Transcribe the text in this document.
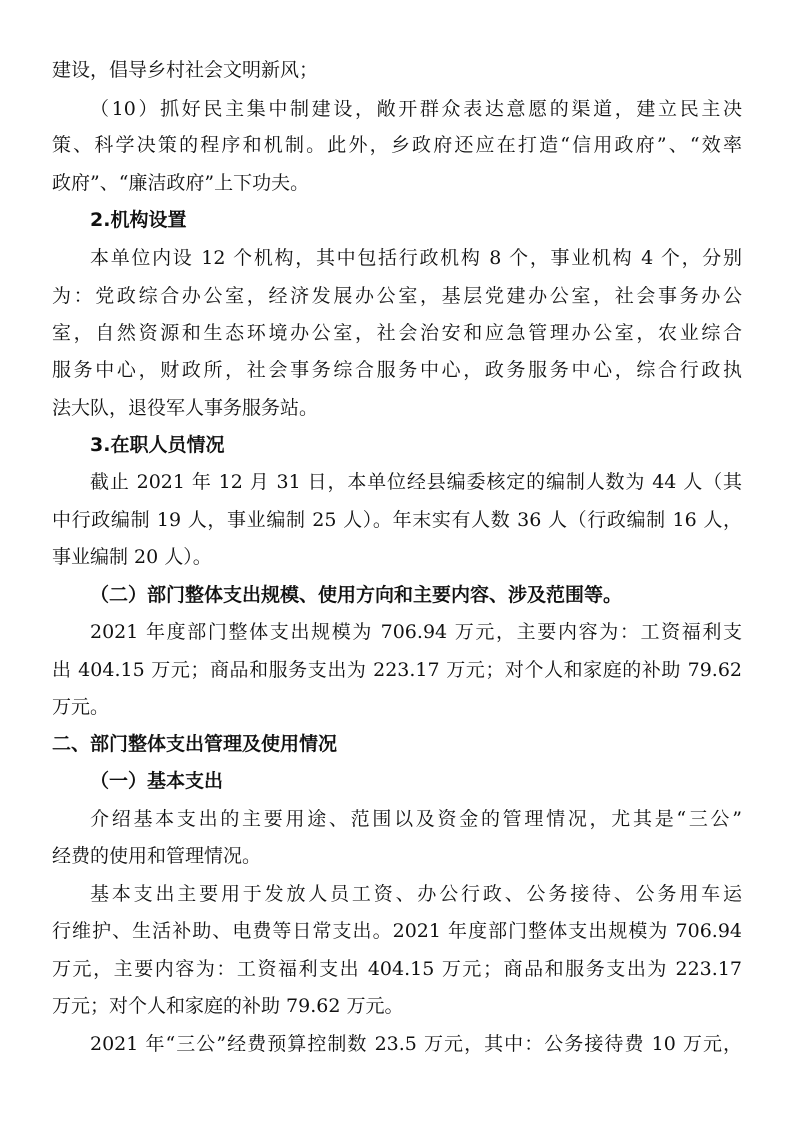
建设，倡导乡村社会文明新风；
（10）抓好民主集中制建设，敞开群众表达意愿的渠道，建立民主决
策、科学决策的程序和机制。此外，乡政府还应在打造“信用政府”、“效率
政府”、“廉洁政府”上下功夫。
2.机构设置
本单位内设 12 个机构，其中包括行政机构 8 个，事业机构 4 个，分别
为：党政综合办公室，经济发展办公室，基层党建办公室，社会事务办公
室，自然资源和生态环境办公室，社会治安和应急管理办公室，农业综合
服务中心，财政所，社会事务综合服务中心，政务服务中心，综合行政执
法大队，退役军人事务服务站。
3.在职人员情况
截止 2021 年 12 月 31 日，本单位经县编委核定的编制人数为 44 人（其
中行政编制 19 人，事业编制 25 人）。年末实有人数 36 人（行政编制 16 人，
事业编制 20 人）。
（二）部门整体支出规模、使用方向和主要内容、涉及范围等。
2021 年度部门整体支出规模为 706.94 万元，主要内容为：工资福利支
出 404.15 万元；商品和服务支出为 223.17 万元；对个人和家庭的补助 79.62
万元。
二、部门整体支出管理及使用情况
（一）基本支出
介绍基本支出的主要用途、范围以及资金的管理情况，尤其是“三公”
经费的使用和管理情况。
基本支出主要用于发放人员工资、办公行政、公务接待、公务用车运
行维护、生活补助、电费等日常支出。2021 年度部门整体支出规模为 706.94
万元，主要内容为：工资福利支出 404.15 万元；商品和服务支出为 223.17
万元；对个人和家庭的补助 79.62 万元。
2021 年“三公”经费预算控制数 23.5 万元，其中：公务接待费 10 万元，
